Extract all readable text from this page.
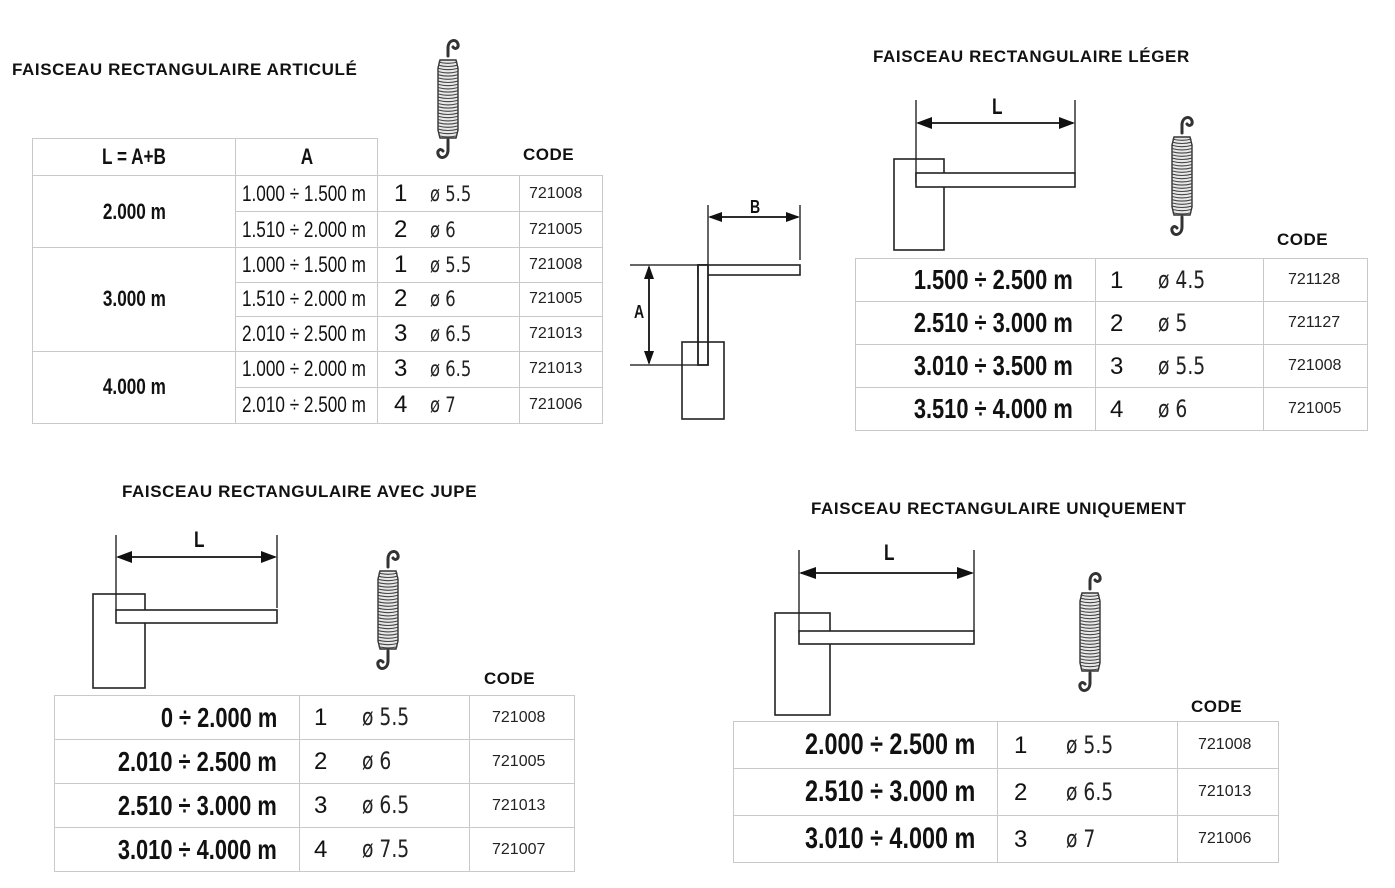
FAISCEAU RECTANGULAIRE ARTICULÉ
CODE
L = A+B	A		
2.000 m	1.000 ÷ 1.500 m	1 ø 5.5	721008
	1.510 ÷ 2.000 m	2 ø 6	721005
3.000 m	1.000 ÷ 1.500 m	1 ø 5.5	721008
	1.510 ÷ 2.000 m	2 ø 6	721005
	2.010 ÷ 2.500 m	3 ø 6.5	721013
4.000 m	1.000 ÷ 2.000 m	3 ø 6.5	721013
	2.010 ÷ 2.500 m	4 ø 7	721006
B
A
FAISCEAU RECTANGULAIRE LÉGER
L
CODE
1.500 ÷ 2.500 m	1 ø 4.5	721128
2.510 ÷ 3.000 m	2 ø 5	721127
3.010 ÷ 3.500 m	3 ø 5.5	721008
3.510 ÷ 4.000 m	4 ø 6	721005
FAISCEAU RECTANGULAIRE AVEC JUPE
L
CODE
0 ÷ 2.000 m	1 ø 5.5	721008
2.010 ÷ 2.500 m	2 ø 6	721005
2.510 ÷ 3.000 m	3 ø 6.5	721013
3.010 ÷ 4.000 m	4 ø 7.5	721007
FAISCEAU RECTANGULAIRE UNIQUEMENT
L
CODE
2.000 ÷ 2.500 m	1 ø 5.5	721008
2.510 ÷ 3.000 m	2 ø 6.5	721013
3.010 ÷ 4.000 m	3 ø 7	721006
